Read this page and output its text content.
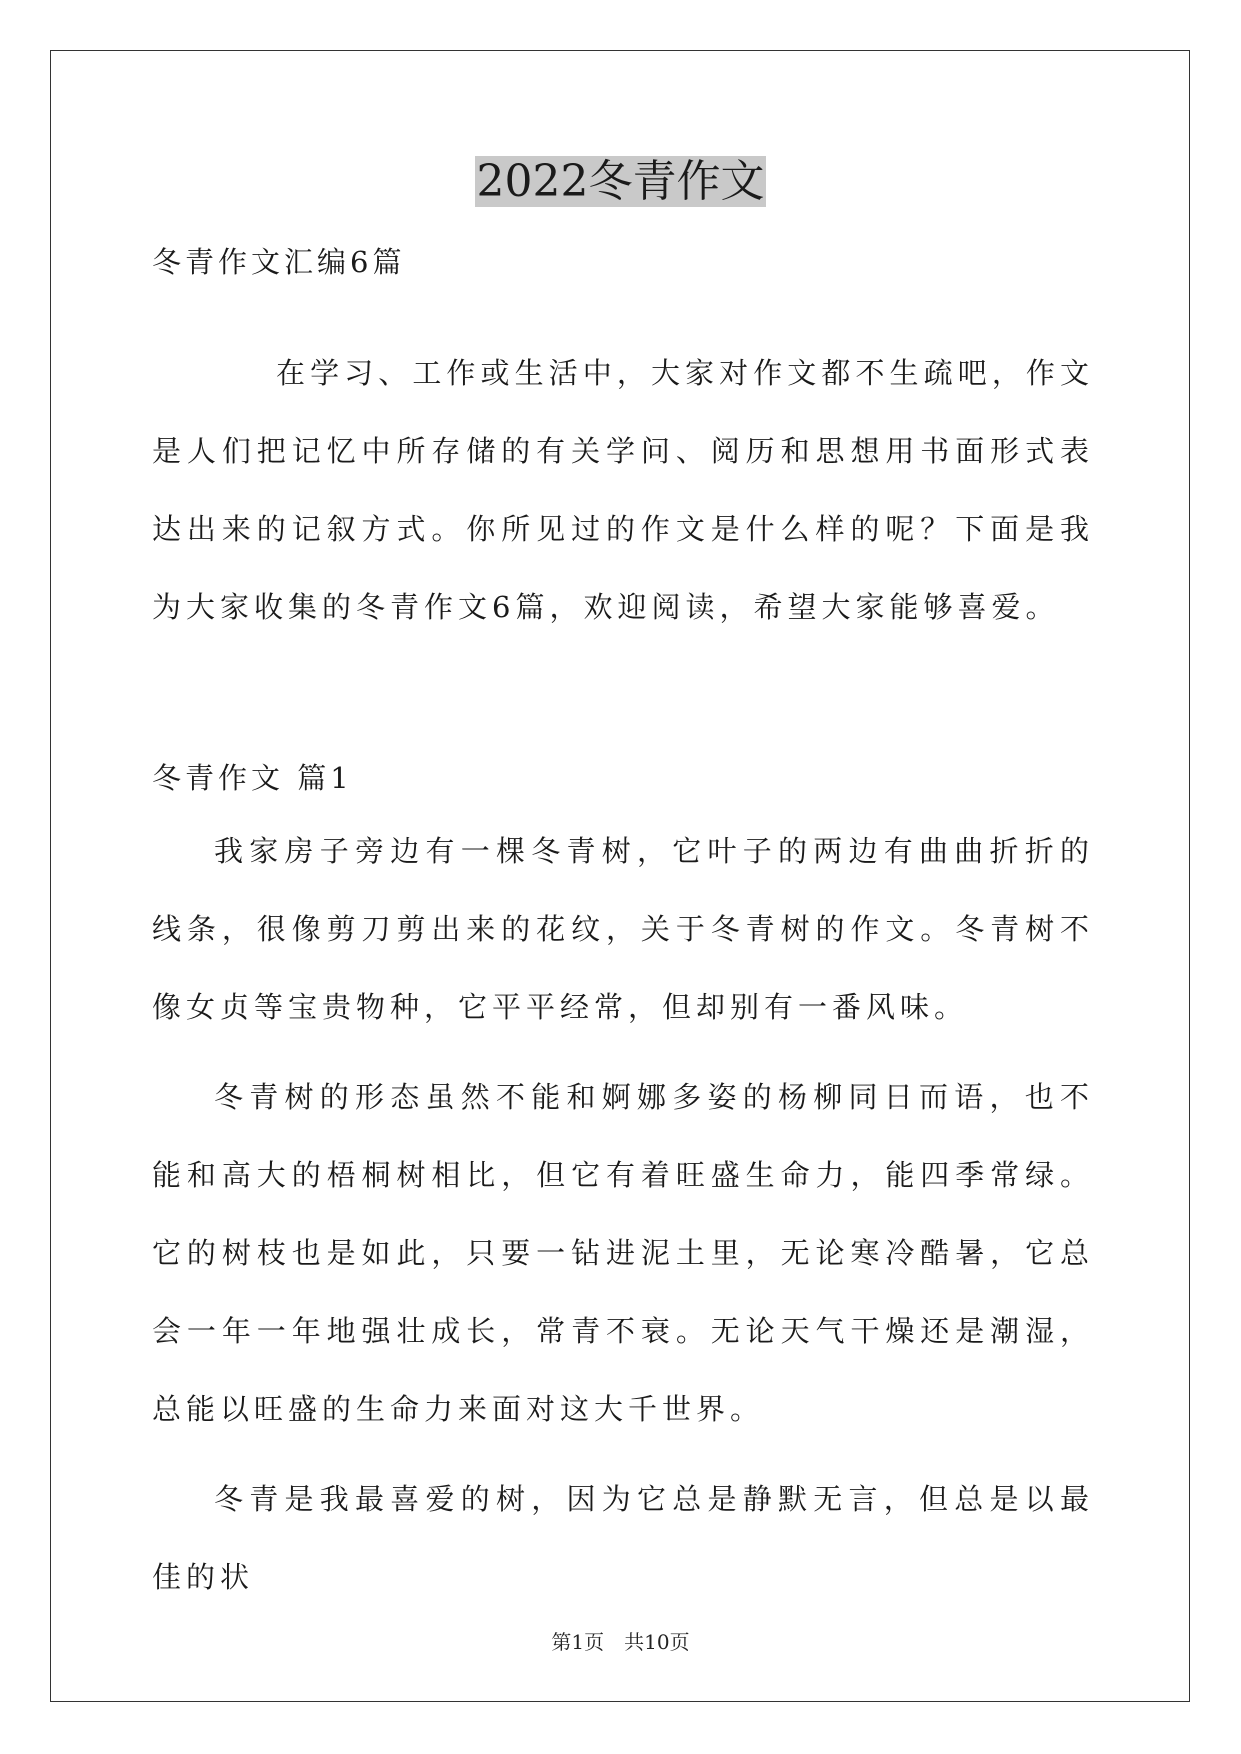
2022冬青作文

冬青作文汇编6篇

在学习、工作或生活中，大家对作文都不生疏吧，作文是人们把记忆中所存储的有关学问、阅历和思想用书面形式表达出来的记叙方式。你所见过的作文是什么样的呢？下面是我为大家收集的冬青作文6篇，欢迎阅读，希望大家能够喜爱。

冬青作文 篇1

我家房子旁边有一棵冬青树，它叶子的两边有曲曲折折的线条，很像剪刀剪出来的花纹，关于冬青树的作文。冬青树不像女贞等宝贵物种，它平平经常，但却别有一番风味。

冬青树的形态虽然不能和婀娜多姿的杨柳同日而语，也不能和高大的梧桐树相比，但它有着旺盛生命力，能四季常绿。它的树枝也是如此，只要一钻进泥土里，无论寒冷酷暑，它总会一年一年地强壮成长，常青不衰。无论天气干燥还是潮湿，总能以旺盛的生命力来面对这大千世界。

冬青是我最喜爱的树，因为它总是静默无言，但总是以最佳的状

第1页 共10页
